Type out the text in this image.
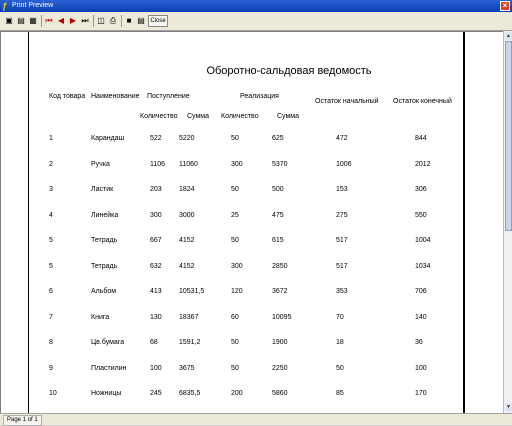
ƒ Print Preview	×
▣ ▤ ▦ ⏮ ◀ ▶ ⏭ ◫ ⎙	■ ▤ Close
Оборотно-сальдовая ведомость
Код товара Наименование Поступление	Реализация
Остаток начальный Остаток конечный
Количество Сумма Количество	Сумма
1	Карандаш	522 5220	50	625	472	844
2	Ручка	1106 11060	300	5370	1006	2012
3	Ластик	203 1824	50	500	153	306
4	Линейка	300 3000	25	475	275	550
5	Тетрадь	667 4152	50	615	517	1004
5	Тетрадь	632 4152	300	2850	517	1034
6	Альбом	413 10531,5	120	3672	353	706
7	Книга	130 18367	60	10095	70	140
8	Цв.бумага	68	1591,2	50	1900	18	36
9	Пластилин	100 3675	50	2250	50	100
10	Ножницы	245 6835,5	200	5860	85	170
▲
▼
Page 1 of 1
